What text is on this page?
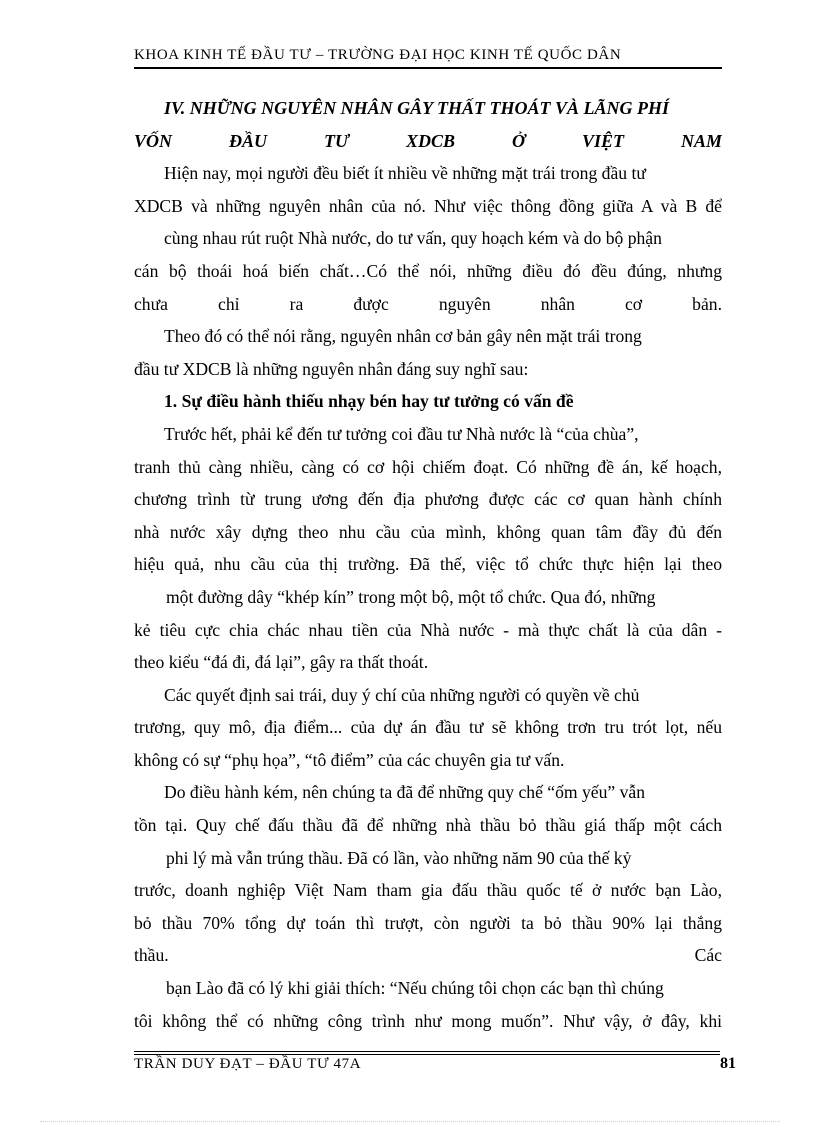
KHOA KINH TẾ ĐẦU TƯ – TRƯỜNG ĐẠI HỌC KINH TẾ QUỐC DÂN
IV. NHỮNG NGUYÊN NHÂN GÂY THẤT THOÁT VÀ LÃNG PHÍ
VỐN ĐẦU TƯ XDCB Ở VIỆT NAM
Hiện nay, mọi người đều biết ít nhiều về những mặt trái trong đầu tư
XDCB và những nguyên nhân của nó. Như việc thông đồng giữa A và B để
cùng nhau rút ruột Nhà nước, do tư vấn, quy hoạch kém và do bộ phận
cán bộ thoái hoá biến chất…Có thể nói, những điều đó đều đúng, nhưng
chưa chỉ ra được nguyên nhân cơ bản.
Theo đó có thể nói rằng, nguyên nhân cơ bản gây nên mặt trái trong
đầu tư XDCB là những nguyên nhân đáng suy nghĩ sau:
1. Sự điều hành thiếu nhạy bén hay tư tưởng có vấn đề
Trước hết, phải kể đến tư tưởng coi đầu tư Nhà nước là “của chùa”,
tranh thủ càng nhiều, càng có cơ hội chiếm đoạt. Có những đề án, kế hoạch,
chương trình từ trung ương đến địa phương được các cơ quan hành chính
nhà nước xây dựng theo nhu cầu của mình, không quan tâm đầy đủ đến
hiệu quả, nhu cầu của thị trường. Đã thế, việc tổ chức thực hiện lại theo
một đường dây “khép kín” trong một bộ, một tổ chức. Qua đó, những
kẻ tiêu cực chia chác nhau tiền của Nhà nước - mà thực chất là của dân -
theo kiểu “đá đi, đá lại”, gây ra thất thoát.
Các quyết định sai trái, duy ý chí của những người có quyền về chủ
trương, quy mô, địa điểm... của dự án đầu tư sẽ không trơn tru trót lọt, nếu
không có sự “phụ họa”, “tô điểm” của các chuyên gia tư vấn.
Do điều hành kém, nên chúng ta đã để những quy chế “ốm yếu” vẫn
tồn tại. Quy chế đấu thầu đã để những nhà thầu bỏ thầu giá thấp một cách
phi lý mà vẫn trúng thầu. Đã có lần, vào những năm 90 của thế kỷ
trước, doanh nghiệp Việt Nam tham gia đấu thầu quốc tế ở nước bạn Lào,
bỏ thầu 70% tổng dự toán thì trượt, còn người ta bỏ thầu 90% lại thắng
thầu. Các
bạn Lào đã có lý khi giải thích: “Nếu chúng tôi chọn các bạn thì chúng
tôi không thể có những công trình như mong muốn”. Như vậy, ở đây, khi
TRẦN DUY ĐẠT – ĐẦU TƯ 47A	81
